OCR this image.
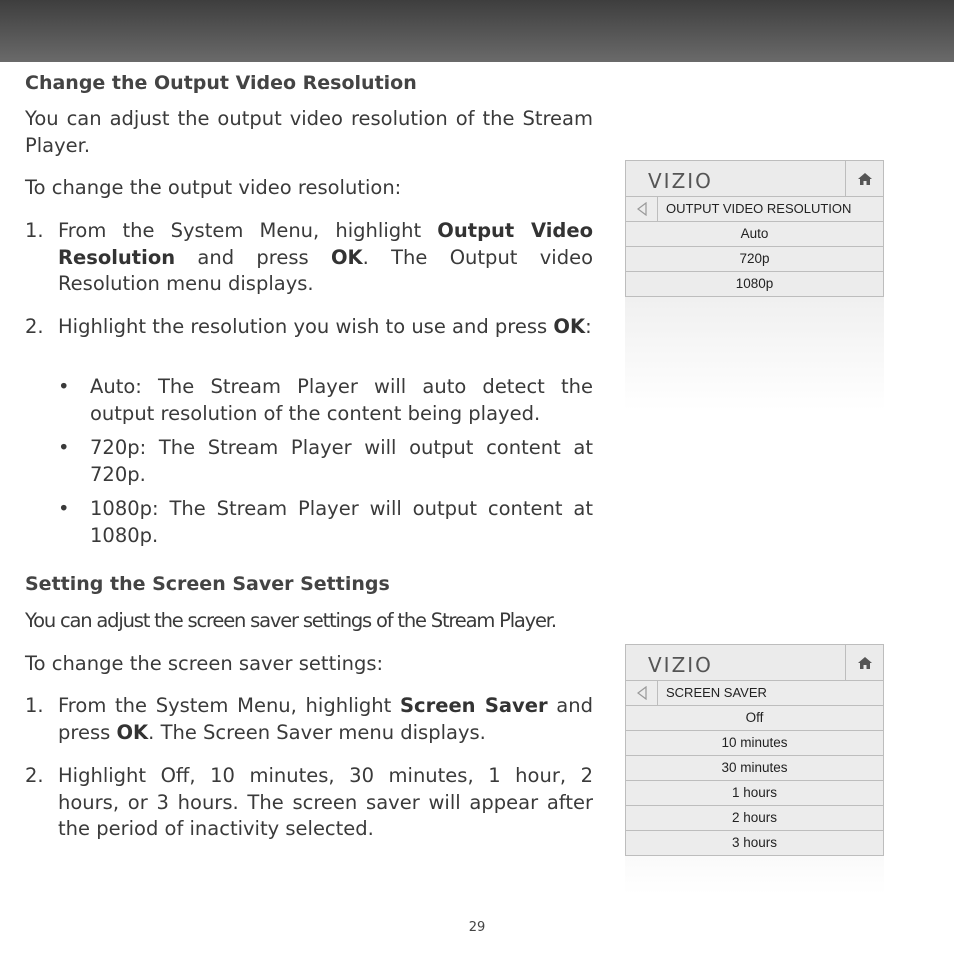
Change the Output Video Resolution

You can adjust the output video resolution of the Stream Player.

To change the output video resolution:

1. From the System Menu, highlight Output Video Resolution and press OK. The Output video Resolution menu displays.
2. Highlight the resolution you wish to use and press OK:
• Auto: The Stream Player will auto detect the output resolution of the content being played.
• 720p: The Stream Player will output content at 720p.
• 1080p: The Stream Player will output content at 1080p.
Setting the Screen Saver Settings

You can adjust the screen saver settings of the Stream Player.

To change the screen saver settings:

1. From the System Menu, highlight Screen Saver and press OK. The Screen Saver menu displays.
2. Highlight Off, 10 minutes, 30 minutes, 1 hour, 2 hours, or 3 hours. The screen saver will appear after the period of inactivity selected.
VIZIO
OUTPUT VIDEO RESOLUTION
Auto
720p
1080p
VIZIO
SCREEN SAVER
Off
10 minutes
30 minutes
1 hours
2 hours
3 hours
29
